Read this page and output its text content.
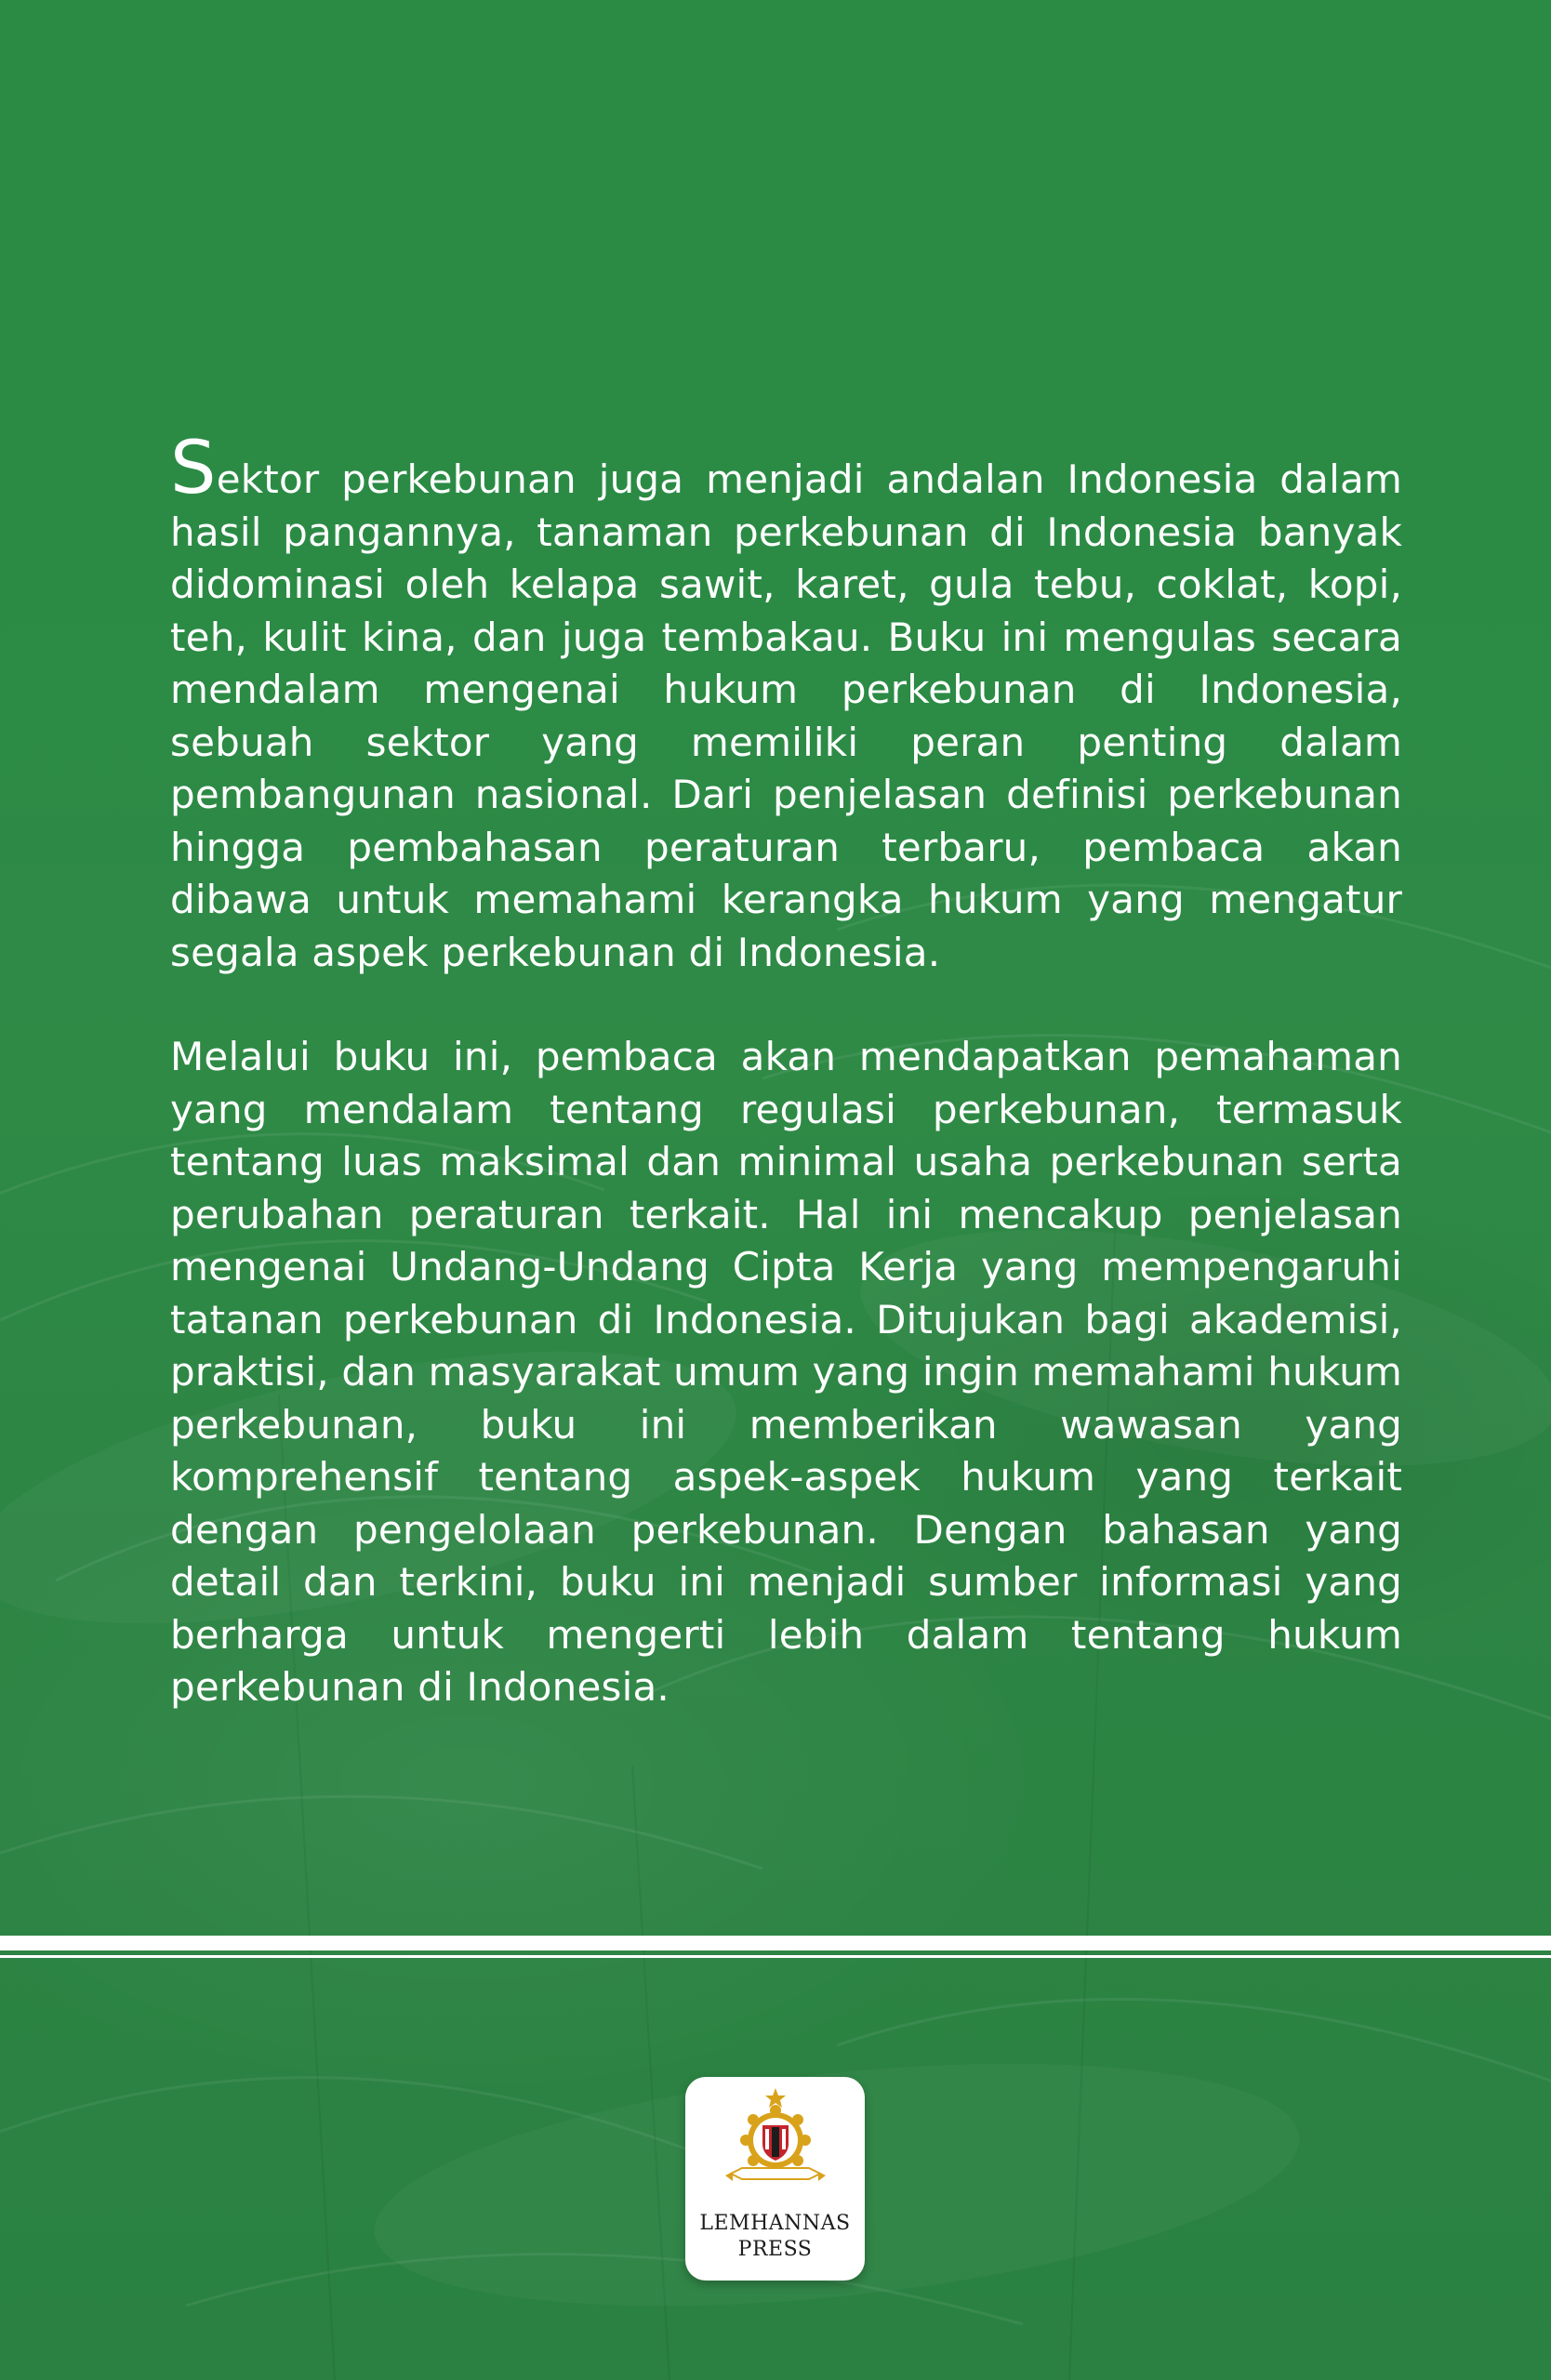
Sektor perkebunan juga menjadi andalan Indonesia dalam hasil pangannya, tanaman perkebunan di Indonesia banyak didominasi oleh kelapa sawit, karet, gula tebu, coklat, kopi, teh, kulit kina, dan juga tembakau. Buku ini mengulas secara mendalam mengenai hukum perkebunan di Indonesia, sebuah sektor yang memiliki peran penting dalam pembangunan nasional. Dari penjelasan definisi perkebunan hingga pembahasan peraturan terbaru, pembaca akan dibawa untuk memahami kerangka hukum yang mengatur segala aspek perkebunan di Indonesia.

Melalui buku ini, pembaca akan mendapatkan pemahaman yang mendalam tentang regulasi perkebunan, termasuk tentang luas maksimal dan minimal usaha perkebunan serta perubahan peraturan terkait. Hal ini mencakup penjelasan mengenai Undang-Undang Cipta Kerja yang mempengaruhi tatanan perkebunan di Indonesia. Ditujukan bagi akademisi, praktisi, dan masyarakat umum yang ingin memahami hukum perkebunan, buku ini memberikan wawasan yang komprehensif tentang aspek-aspek hukum yang terkait dengan pengelolaan perkebunan. Dengan bahasan yang detail dan terkini, buku ini menjadi sumber informasi yang berharga untuk mengerti lebih dalam tentang hukum perkebunan di Indonesia.

LEMHANNAS
PRESS
